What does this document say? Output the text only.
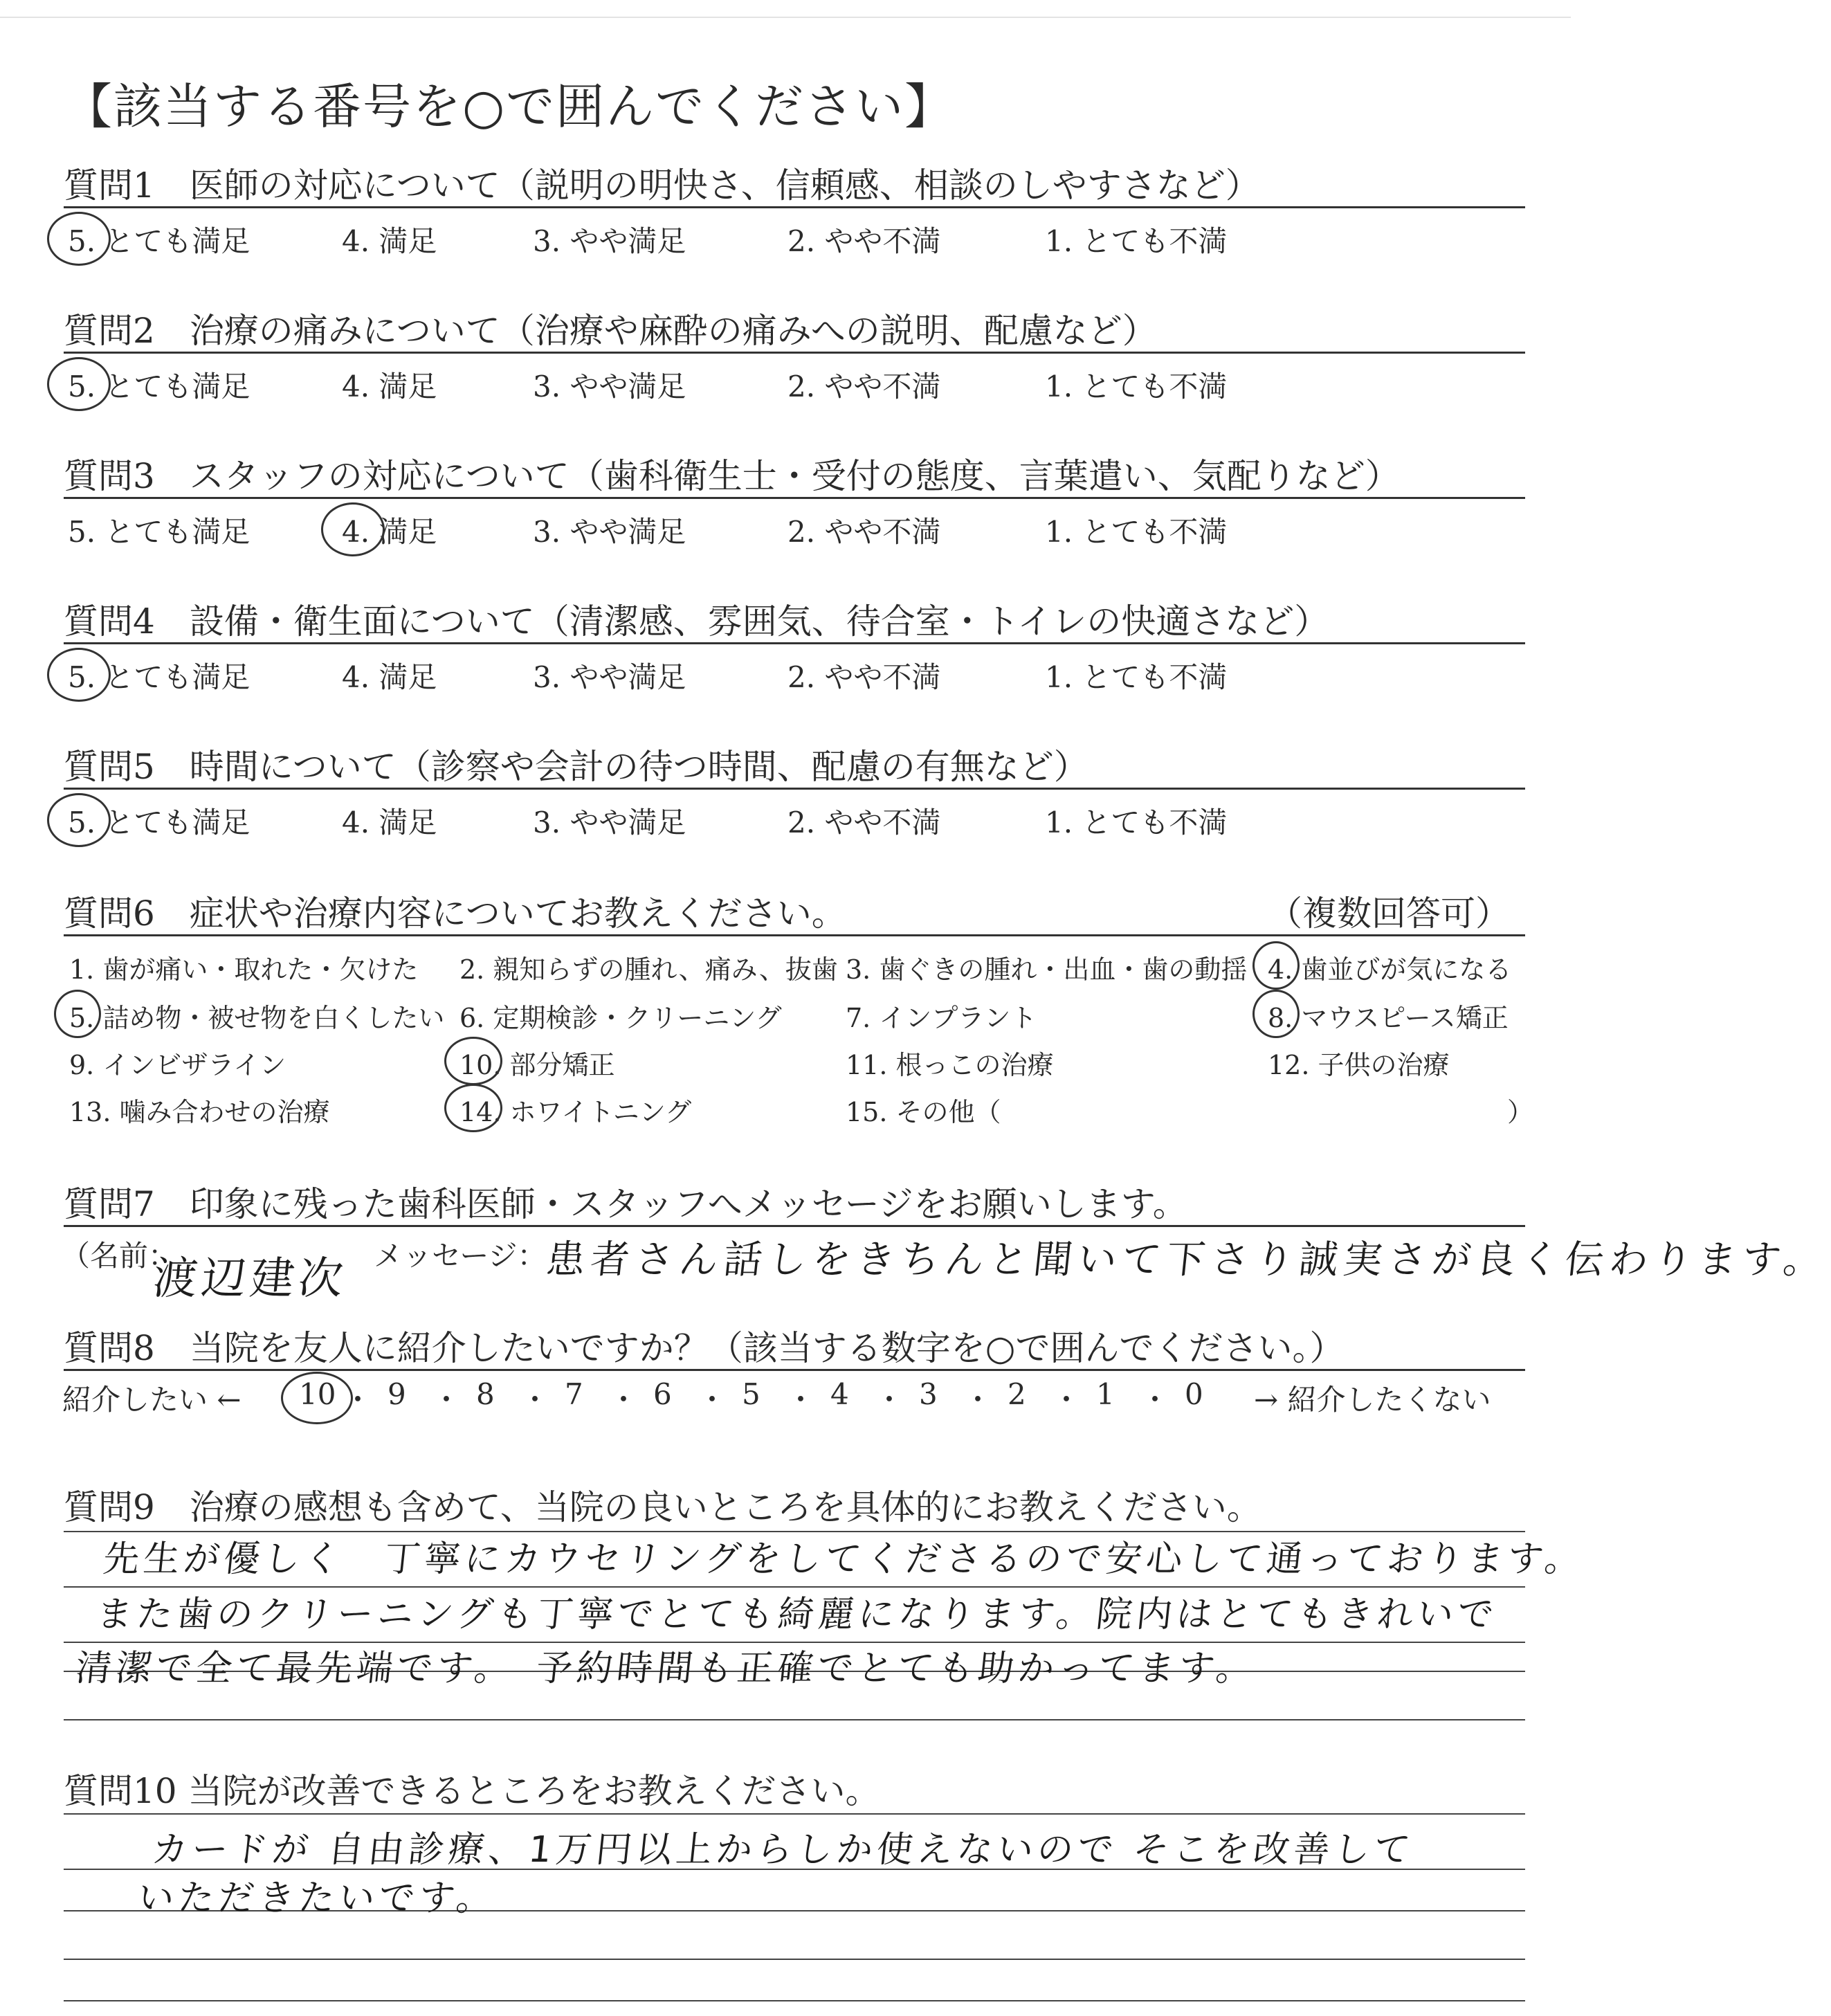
【該当する番号を○で囲んでください】
質問1　医師の対応について（説明の明快さ、信頼感、相談のしやすさなど）
5. とても満足	4. 満足	3. やや満足	2. やや不満	1. とても不満
質問2　治療の痛みについて（治療や麻酔の痛みへの説明、配慮など）
5. とても満足	4. 満足	3. やや満足	2. やや不満	1. とても不満
質問3　スタッフの対応について（歯科衛生士・受付の態度、言葉遣い、気配りなど）
5. とても満足	4. 満足	3. やや満足	2. やや不満	1. とても不満
質問4　設備・衛生面について（清潔感、雰囲気、待合室・トイレの快適さなど）
5. とても満足	4. 満足	3. やや満足	2. やや不満	1. とても不満
質問5　時間について（診察や会計の待つ時間、配慮の有無など）
5. とても満足	4. 満足	3. やや満足	2. やや不満	1. とても不満
質問6　症状や治療内容についてお教えください。	（複数回答可）
1. 歯が痛い・取れた・欠けた 2. 親知らずの腫れ、痛み、抜歯 3. 歯ぐきの腫れ・出血・歯の動揺 4. 歯並びが気になる
5. 詰め物・被せ物を白くしたい 6. 定期検診・クリーニング 7. インプラント	8. マウスピース矯正
9. インビザライン	10. 部分矯正	11. 根っこの治療	12. 子供の治療
13. 噛み合わせの治療	14. ホワイトニング	15. その他（	）
質問7　印象に残った歯科医師・スタッフへメッセージをお願いします。
（名前：
渡辺建次 メッセージ：
患者さん話しをきちんと聞いて下さり誠実さが良く伝わります。
質問8　当院を友人に紹介したいですか？（該当する数字を○で囲んでください。）
紹介したい ←	→ 紹介したくない
10 ・ 9 ・ 8 ・ 7 ・ 6 ・ 5 ・ 4 ・ 3 ・ 2 ・ 1 ・ 0
質問9　治療の感想も含めて、当院の良いところを具体的にお教えください。
先生が優しく　丁寧にカウセリングをしてくださるので安心して通っております。
また歯のクリーニングも丁寧でとても綺麗になります。院内はとてもきれいで
清潔で全て最先端です。　予約時間も正確でとても助かってます。
質問10 当院が改善できるところをお教えください。
カードが 自由診療、1万円以上からしか使えないので そこを改善して
いただきたいです。
